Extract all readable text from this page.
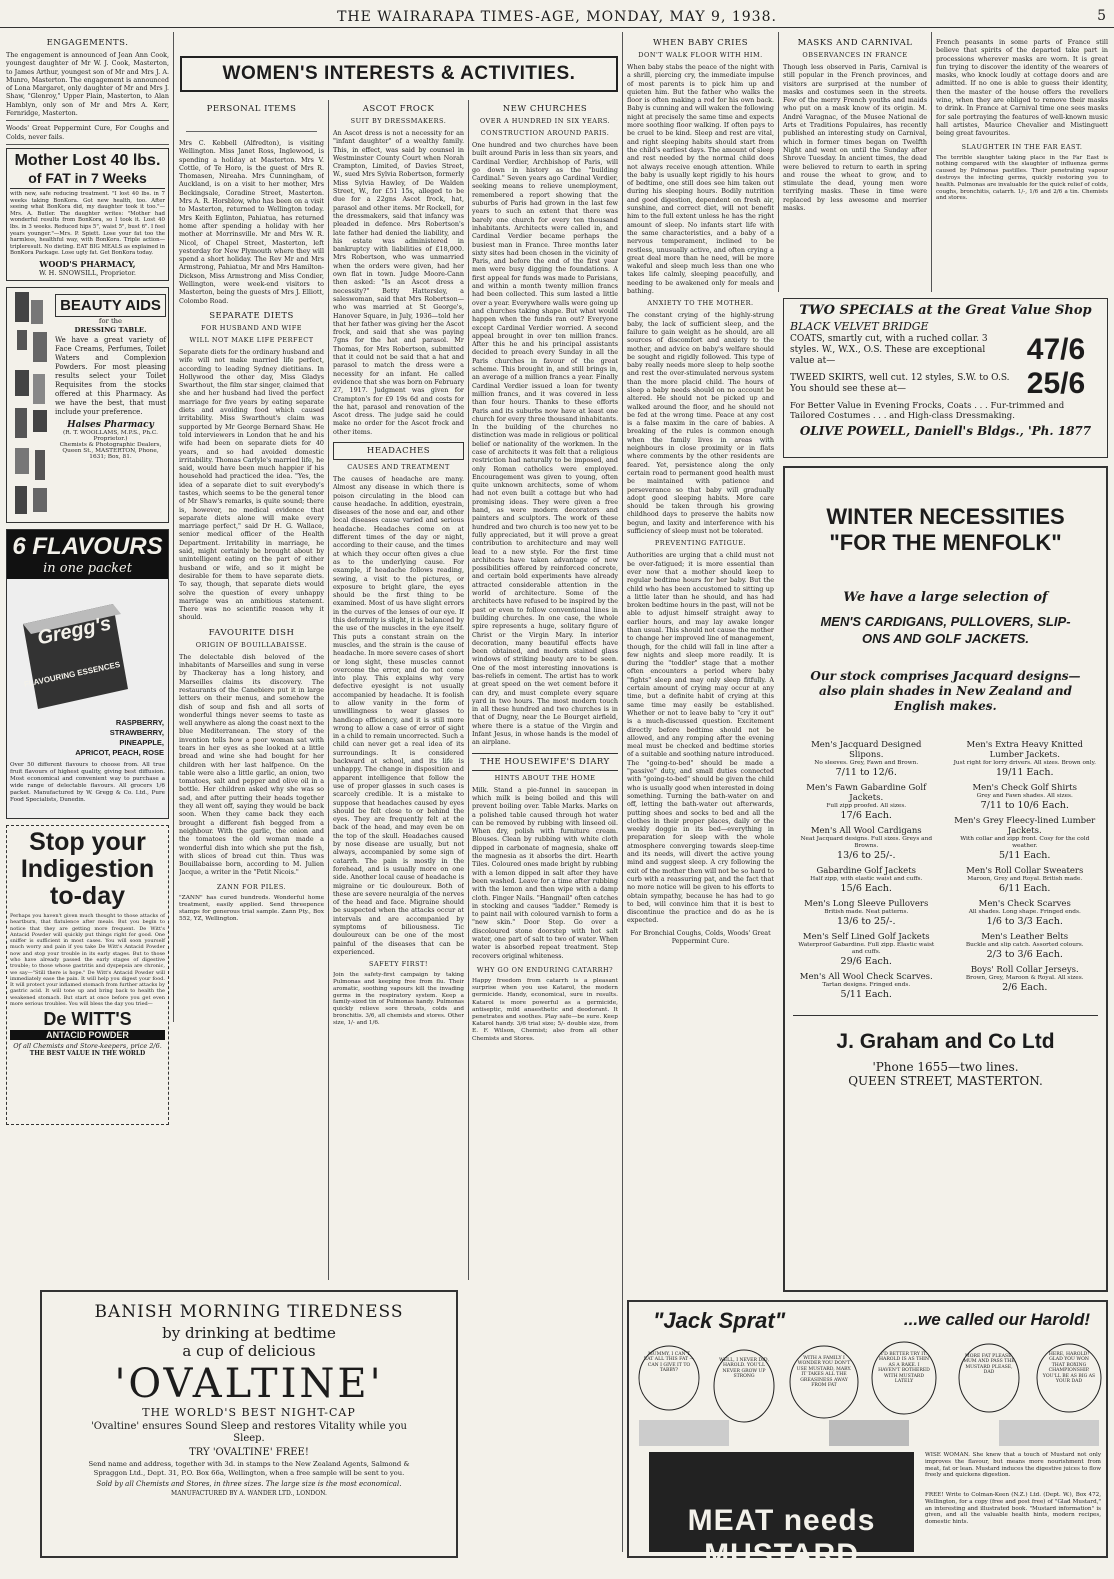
THE WAIRARAPA TIMES-AGE, MONDAY, MAY 9, 1938.	5
ENGAGEMENTS.
The engagement is announced of Jean Ann Cook, youngest daughter of Mr W. J. Cook, Masterton, to James Arthur, youngest son of Mr and Mrs J. A. Munro, Masterton. The engagement is announced of Lona Margaret, only daughter of Mr and Mrs J. Shaw, "Glenroy," Upper Plain, Masterton, to Alan Hamblyn, only son of Mr and Mrs A. Kerr, Fernridge, Masterton.
Woods' Great Peppermint Cure, For Coughs and Colds, never fails.
Mother Lost 40 lbs.
of FAT in 7 Weeks
with new, safe reducing treatment. "I lost 40 lbs. in 7 weeks taking BonKora. Got new health, too. After seeing what BonKora did, my daughter took it too."—Mrs. A. Butler. The daughter writes: "Mother had wonderful results from BonKora, so I took it. Lost 40 lbs. in 3 weeks. Reduced hips 5", waist 5", bust 6". I feel years younger."—Mrs. P. Spiett. Lose your fat too the harmless, healthful way, with BonKora. Triple action—tripleresult. No dieting. EAT BIG MEALS as explained in BonKora Package. Lose ugly fat. Get BonKora today.
WOOD'S PHARMACY,
W. H. SNOWSILL, Proprietor.
BEAUTY AIDS
for the
DRESSING TABLE.
We have a great variety of Face Creams, Perfumes, Toilet Waters and Complexion Powders. For most pleasing results select your Toilet Requisites from the stocks offered at this Pharmacy. As we have the best, that must include your preference.
Halses Pharmacy
(R. T. WOOLLAMS, M.P.S., Ph.C. Proprietor.)
Chemists & Photographic Dealers, Queen St., MASTERTON, Phone, 1631; Box, 81.
6 FLAVOURS
in one packet
Gregg's
FLAVOURING ESSENCES
RASPBERRY,
STRAWBERRY,
PINEAPPLE,
APRICOT, PEACH, ROSE
Over 50 different flavours to choose from. All true fruit flavours of highest quality, giving best diffusion. Most economical and convenient way to purchase a wide range of delectable flavours. All grocers 1/6 packet. Manufactured by W. Gregg & Co. Ltd., Pure Food Specialists, Dunedin.
Stop your
Indigestion
to-day
Perhaps you haven't given much thought to those attacks of heartburn, that flatulence after meals. But you begin to notice that they are getting more frequent. De Witt's Antacid Powder will quickly put things right for good. One sniffer is sufficient in most cases. You will soon yourself much worry and pain if you take De Witt's Antacid Powder now and stop your trouble in its early stages. But to those who have already passed the early stages of digestive trouble; to those whose gastritis and dyspepsia are chronic, we say—"Still there is hope." De Witt's Antacid Powder will immediately ease the pain. It will help you digest your food. It will protect your inflamed stomach from further attacks by gastric acid. It will tone up and bring back to health the weakened stomach. But start at once before you get even more serious troubles. You will bless the day you tried—
De WITT'S
ANTACID POWDER
Of all Chemists and Store-keepers, price 2/6.
THE BEST VALUE IN THE WORLD
WOMEN'S INTERESTS & ACTIVITIES.
PERSONAL ITEMS
Mrs C. Kebbell (Alfredton), is visiting Wellington. Miss Janet Ross, Inglewood, is spending a holiday at Masterton. Mrs V. Cottle, of Te Horo, is the guest of Mrs R. Thomasen, Nireaha. Mrs Cunningham, of Auckland, is on a visit to her mother, Mrs Beckingsale, Coradine Street, Masterton. Mrs A. R. Horsblow, who has been on a visit to Masterton, returned to Wellington today. Mrs Keith Eglinton, Pahiatua, has returned home after spending a holiday with her mother at Morrinsville. Mr and Mrs W. R. Nicol, of Chapel Street, Masterton, left yesterday for New Plymouth where they will spend a short holiday. The Rev Mr and Mrs Armstrong, Pahiatua, Mr and Mrs Hamilton-Dickson, Miss Armstrong and Miss Condier, Wellington, were week-end visitors to Masterton, being the guests of Mrs J. Elliott, Colombo Road.
SEPARATE DIETS
FOR HUSBAND AND WIFE
WILL NOT MAKE LIFE PERFECT
Separate diets for the ordinary husband and wife will not make married life perfect, according to leading Sydney dietitians. In Hollywood the other day, Miss Gladys Swarthout, the film star singer, claimed that she and her husband had lived the perfect marriage for five years by eating separate diets and avoiding food which caused irritability. Miss Swarthout's claim was supported by Mr George Bernard Shaw. He told interviewers in London that he and his wife had been on separate diets for 40 years, and so had avoided domestic irritability. Thomas Carlyle's married life, he said, would have been much happier if his household had practiced the idea. "Yes, the idea of a separate diet to suit everybody's tastes, which seems to be the general tenor of Mr Shaw's remarks, is quite sound; there is, however, no medical evidence that separate diets alone will make every marriage perfect," said Dr H. G. Wallace, senior medical officer of the Health Department. Irritability in marriage, he said, might certainly be brought about by unintelligent eating on the part of either husband or wife, and so it might be desirable for them to have separate diets. To say, though, that separate diets would solve the question of every unhappy marriage was an ambitious statement. There was no scientific reason why it should.
FAVOURITE DISH
ORIGIN OF BOUILLABAISSE.
The delectable dish beloved of the inhabitants of Marseilles and sung in verse by Thackeray has a long history, and Marseilles claims its discovery. The restaurants of the Canebiere put it in large letters on their menus, and somehow the dish of soup and fish and all sorts of wonderful things never seems to taste as well anywhere as along the coast next to the blue Mediterranean. The story of the invention tells how a poor woman sat with tears in her eyes as she looked at a little bread and wine she had bought for her children with her last halfpence. On the table were also a little garlic, an onion, two tomatoes, salt and pepper and olive oil in a bottle. Her children asked why she was so sad, and after putting their heads together they all went off, saying they would be back soon. When they came back they each brought a different fish begged from a neighbour. With the garlic, the onion and the tomatoes the old woman made a wonderful dish into which she put the fish, with slices of bread cut thin. Thus was Bouillabaisse born, according to M. Julien Jacque, a writer in the "Petit Nicois."
ZANN FOR PILES.
"ZANN" has cured hundreds. Wonderful home treatment, easily applied. Send threepence stamps for generous trial sample. Zann Pty., Box 552, YZ, Wellington.
ASCOT FROCK
SUIT BY DRESSMAKERS.
An Ascot dress is not a necessity for an "infant daughter" of a wealthy family. This, in effect, was said by counsel in Westminster County Court when Norah Crampton, Limited, of Davies Street, W., sued Mrs Sylvia Robertson, formerly Miss Sylvia Hawley, of De Walden Street, W., for £51 15s, alleged to be due for a 22gns Ascot frock, hat, parasol and other items. Mr Rockell, for the dressmakers, said that infancy was pleaded in defence. Mrs Robertson's late father had denied the liability, and his estate was administered in bankruptcy with liabilities of £18,000. Mrs Robertson, who was unmarried when the orders were given, had her own flat in town. Judge Moore-Cann then asked: "Is an Ascot dress a necessity?" Betty Hattersley, a saleswoman, said that Mrs Robertson—who was married at St George's, Hanover Square, in July, 1936—told her that her father was giving her the Ascot frock, and said that she was paying 7gns for the hat and parasol. Mr Thomas, for Mrs Robertson, submitted that it could not be said that a hat and parasol to match the dress were a necessity for an infant. He called evidence that she was born on February 27, 1917. Judgment was given for Crampton's for £9 19s 6d and costs for the hat, parasol and renovation of the Ascot dress. The judge said he could make no order for the Ascot frock and other items.
HEADACHES
CAUSES AND TREATMENT
The causes of headache are many. Almost any disease in which there is poison circulating in the blood can cause headache. In addition, eyestrain, diseases of the nose and ear, and other local diseases cause varied and serious headache. Headaches come on at different times of the day or night, according to their cause, and the times at which they occur often gives a clue as to the underlying cause. For example, if headache follows reading, sewing, a visit to the pictures, or exposure to bright glare, the eyes should be the first thing to be examined. Most of us have slight errors in the curves of the lenses of our eye. If this deformity is slight, it is balanced by the use of the muscles in the eye itself. This puts a constant strain on the muscles, and the strain is the cause of headache. In more severe cases of short or long sight, these muscles cannot overcome the error, and do not come into play. This explains why very defective eyesight is not usually accompanied by headache. It is foolish to allow vanity in the form of unwillingness to wear glasses to handicap efficiency, and it is still more wrong to allow a case of error of sight in a child to remain uncorrected. Such a child can never get a real idea of its surroundings. It is considered backward at school, and its life is unhappy. The change in disposition and apparent intelligence that follow the use of proper glasses in such cases is scarcely credible. It is a mistake to suppose that headaches caused by eyes should be felt close to or behind the eyes. They are frequently felt at the back of the head, and may even be on the top of the skull. Headaches caused by nose disease are usually, but not always, accompanied by some sign of catarrh. The pain is mostly in the forehead, and is usually more on one side. Another local cause of headache is migraine or tic douloureux. Both of these are severe neuralgia of the nerves of the head and face. Migraine should be suspected when the attacks occur at intervals and are accompanied by symptoms of biliousness. Tic douloureux can be one of the most painful of the diseases that can be experienced.
SAFETY FIRST!
Join the safety-first campaign by taking Pulmonas and keeping free from flu. Their aromatic, soothing vapours kill the invading germs in the respiratory system. Keep a family-sized tin of Pulmonas handy. Pulmonas quickly relieve sore throats, colds and bronchitis. 3/6, all chemists and stores. Other size, 1/- and 1/6.
NEW CHURCHES
OVER A HUNDRED IN SIX YEARS.
CONSTRUCTION AROUND PARIS.
One hundred and two churches have been built around Paris in less than six years, and Cardinal Verdier, Archbishop of Paris, will go down in history as the "building Cardinal." Seven years ago Cardinal Verdier, seeking means to relieve unemployment, remembered a report showing that the suburbs of Paris had grown in the last few years to such an extent that there was barely one church for every ten thousand inhabitants. Architects were called in, and Cardinal Verdier became perhaps the busiest man in France. Three months later sixty sites had been chosen in the vicinity of Paris, and before the end of the first year men were busy digging the foundations. A first appeal for funds was made to Parisians, and within a month twenty million francs had been collected. This sum lasted a little over a year. Everywhere walls were going up and churches taking shape. But what would happen when the funds ran out? Everyone except Cardinal Verdier worried. A second appeal brought in over ten million francs. After this he and his principal assistants decided to preach every Sunday in all the Paris churches in favour of the great scheme. This brought in, and still brings in, an average of a million francs a year. Finally Cardinal Verdier issued a loan for twenty million francs, and it was covered in less than four hours. Thanks to these efforts Paris and its suburbs now have at least one church for every three thousand inhabitants. In the building of the churches no distinction was made in religious or political belief or nationality of the workmen. In the case of architects it was felt that a religious restriction had naturally to be imposed, and only Roman catholics were employed. Encouragement was given to young, often quite unknown architects, some of whom had not even built a cottage but who had promising ideas. They were given a free hand, as were modern decorators and painters and sculptors. The work of these hundred and two church is too new yet to be fully appreciated, but it will prove a great contribution to architecture and may well lead to a new style. For the first time architects have taken advantage of new possibilities offered by reinforced concrete, and certain bold experiments have already attracted considerable attention in the world of architecture. Some of the architects have refused to be inspired by the past or even to follow conventional lines in building churches. In one case, the whole spire represents a huge, solitary figure of Christ or the Virgin Mary. In interior decoration, many beautiful effects have been obtained, and modern stained glass windows of striking beauty are to be seen. One of the most interesting innovations is bas-reliefs in cement. The artist has to work at great speed on the wet cement before it can dry, and must complete every square yard in two hours. The most modern touch in all these hundred and two churches is in that of Dugny, near the Le Bourget airfield, where there is a statue of the Virgin and Infant Jesus, in whose hands is the model of an airplane.
THE HOUSEWIFE'S DIARY
HINTS ABOUT THE HOME
Milk. Stand a pie-funnel in saucepan in which milk is being boiled and this will prevent boiling over. Table Marks. Marks on a polished table caused through hot water can be removed by rubbing with linseed oil. When dry, polish with furniture cream. Blouses. Clean by rubbing with white cloth dipped in carbonate of magnesia, shake off the magnesia as it absorbs the dirt. Hearth Tiles. Coloured ones made bright by rubbing with a lemon dipped in salt after they have been washed. Leave for a time after rubbing with the lemon and then wipe with a damp cloth. Finger Nails. "Hangnail" often catches in stocking and causes "ladder." Remedy is to paint nail with coloured varnish to form a "new skin." Door Step. Go over a discoloured stone doorstep with hot salt water, one part of salt to two of water. When water is absorbed repeat treatment. Step recovers original whiteness.
WHY GO ON ENDURING CATARRH?
Happy freedom from catarrh is a pleasant surprise when you use Katarol, the modern germicide. Handy, economical, sure in results. Katarol is more powerful as a germicide, antiseptic, mild anaesthetic and deodorant. It penetrates and soothes. Play safe—be sure. Keep Katarol handy. 3/6 trial size; 5/- double size, from E. F. Wilson, Chemist; also from all other Chemists and Stores.
WHEN BABY CRIES
DON'T WALK FLOOR WITH HIM.
When baby stabs the peace of the night with a shrill, piercing cry, the immediate impulse of most parents is to pick him up and quieten him. But the father who walks the floor is often making a rod for his own back. Baby is cunning and will waken the following night at precisely the same time and expects more soothing floor walking. If often pays to be cruel to be kind. Sleep and rest are vital, and right sleeping habits should start from the child's earliest days. The amount of sleep and rest needed by the normal child does not always receive enough attention. While the baby is usually kept rigidly to his hours of bedtime, one still does see him taken out during his sleeping hours. Bodily nutrition and good digestion, dependent on fresh air, sunshine, and correct diet, will not benefit him to the full extent unless he has the right amount of sleep. No infants start life with the same characteristics, and a baby of a nervous temperament, inclined to be restless, unusually active, and often crying a great deal more than he need, will be more wakeful and sleep much less than one who takes life calmly, sleeping peacefully, and needing to be awakened only for meals and bathing.
ANXIETY TO THE MOTHER.
The constant crying of the highly-strung baby, the lack of sufficient sleep, and the failure to gain weight as he should, are all sources of discomfort and anxiety to the mother, and advice on baby's welfare should be sought and rigidly followed. This type of baby really needs more sleep to help soothe and rest the over-stimulated nervous system than the more placid child. The hours of sleep a baby needs should on no account be altered. He should not be picked up and walked around the floor, and he should not be fed at the wrong time. Peace at any cost is a false maxim in the care of babies. A breaking of the rules is common enough when the family lives in areas with neighbours in close proximity or in flats where comments by the other residents are feared. Yet, persistence along the only certain road to permanent good health must be maintained with patience and perseverance so that baby will gradually adopt good sleeping habits. More care should be taken through his growing childhood days to preserve the habits now begun, and laxity and interference with his sufficiency of sleep must not be tolerated.
PREVENTING FATIGUE.
Authorities are urging that a child must not be over-fatigued; it is more essential than ever now that a mother should keep to regular bedtime hours for her baby. But the child who has been accustomed to sitting up a little later than he should, and has had broken bedtime hours in the past, will not be able to adjust himself straight away to earlier hours, and may lay awake longer than usual. This should not cause the mother to change her improved line of management, though, for the child will fall in line after a few nights and sleep more readily. It is during the "toddler" stage that a mother often encounters a period where baby "fights" sleep and may only sleep fitfully. A certain amount of crying may occur at any time, but a definite habit of crying at this same time may easily be established. Whether or not to leave baby to "cry it out" is a much-discussed question. Excitement directly before bedtime should not be allowed, and any romping after the evening meal must be checked and bedtime stories of a suitable and soothing nature introduced. The "going-to-bed" should be made a "passive" duty, and small duties connected with "going-to-bed" should be given the child who is usually good when interested in doing something. Turning the bath-water on and off, letting the bath-water out afterwards, putting shoes and socks to bed and all the clothes in their proper places, daily or the weekly doggie in its bed—everything in preparation for sleep with the whole atmosphere converging towards sleep-time and its needs, will divert the active young mind and suggest sleep. A cry following the exit of the mother then will not be so hard to curb with a reassuring pat, and the fact that no more notice will be given to his efforts to obtain sympathy, because he has had to go to bed, will convince him that it is best to discontinue the practice and do as he is expected.
For Bronchial Coughs, Colds, Woods' Great Peppermint Cure.
MASKS AND CARNIVAL
OBSERVANCES IN FRANCE
Though less observed in Paris, Carnival is still popular in the French provinces, and visitors are surprised at the number of masks and costumes seen in the streets. Few of the merry French youths and maids who put on a mask know of its origin. M. André Varagnac, of the Musee National de Arts et Traditions Populaires, has recently published an interesting study on Carnival, which in former times began on Twelfth Night and went on until the Sunday after Shrove Tuesday. In ancient times, the dead were believed to return to earth in spring and rouse the wheat to grow, and to stimulate the dead, young men wore terrifying masks. These in time were replaced by less awesome and merrier masks.
French peasants in some parts of France still believe that spirits of the departed take part in processions wherever masks are worn. It is great fun trying to discover the identity of the wearers of masks, who knock loudly at cottage doors and are admitted. If no one is able to guess their identity, then the master of the house offers the revellers wine, when they are obliged to remove their masks to drink. In France at Carnival time one sees masks for sale portraying the features of well-known music hall artistes, Maurice Chevalier and Mistinguett being great favourites.
SLAUGHTER IN THE FAR EAST.
The terrible slaughter taking place in the Far East is nothing compared with the slaughter of influenza germs caused by Pulmonas pastilles. Their penetrating vapour destroys the infecting germs, quickly restoring you to health. Pulmonas are invaluable for the quick relief of colds, coughs, bronchitis, catarrh. 1/-, 1/6 and 2/6 a tin. Chemists and stores.
TWO SPECIALS at the Great Value Shop
BLACK VELVET BRIDGE
COATS, smartly cut, with a ruched collar. 3 styles. W., W.X., O.S. These are exceptional value at—	47/6
TWEED SKIRTS, well cut. 12 styles, S.W. to O.S. You should see these at—	25/6
For Better Value in Evening Frocks, Coats . . . Fur-trimmed and Tailored Costumes . . . and High-class Dressmaking.
OLIVE POWELL, Daniell's Bldgs., 'Ph. 1877
WINTER NECESSITIES
"FOR THE MENFOLK"
We have a large selection of
MEN'S CARDIGANS, PULLOVERS, SLIP-ONS AND GOLF JACKETS.
Our stock comprises Jacquard designs—also plain shades in New Zealand and English makes.
Men's Jacquard Designed Slipons.
No sleeves. Grey, Fawn and Brown.
7/11 to 12/6.
Men's Fawn Gabardine Golf Jackets.
Full zipp proofed. All sizes.
17/6 Each.
Men's All Wool Cardigans
Neat Jacquard designs. Full sizes. Greys and Browns.
13/6 to 25/-.
Gabardine Golf Jackets
Half zipp, with elastic waist and cuffs.
15/6 Each.
Men's Long Sleeve Pullovers
British made. Neat patterns.
13/6 to 25/-.
Men's Self Lined Golf Jackets
Waterproof Gabardine. Full zipp. Elastic waist and cuffs.
29/6 Each.
Men's All Wool Check Scarves.
Tartan designs. Fringed ends.
5/11 Each.
Men's Extra Heavy Knitted Lumber Jackets.
Just right for lorry drivers. All sizes. Brown only.
19/11 Each.
Men's Check Golf Shirts
Grey and Fawn shades. All sizes.
7/11 to 10/6 Each.
Men's Grey Fleecy-lined Lumber Jackets.
With collar and zipp front. Cosy for the cold weather.
5/11 Each.
Men's Roll Collar Sweaters
Maroon, Grey and Royal. British made.
6/11 Each.
Men's Check Scarves
All shades. Long shape. Fringed ends.
1/6 to 3/3 Each.
Men's Leather Belts
Buckle and slip catch. Assorted colours.
2/3 to 3/6 Each.
Boys' Roll Collar Jerseys.
Brown, Grey, Maroon & Royal. All sizes.
2/6 Each.
J. Graham and Co Ltd
'Phone 1655—two lines.
QUEEN STREET, MASTERTON.
BANISH MORNING TIREDNESS
by drinking at bedtime
a cup of delicious
'OVALTINE'
THE WORLD'S BEST NIGHT-CAP
'Ovaltine' ensures Sound Sleep and restores Vitality while you Sleep.
TRY 'OVALTINE' FREE!
Send name and address, together with 3d. in stamps to the New Zealand Agents, Salmond & Spraggon Ltd., Dept. 31, P.O. Box 66a, Wellington, when a free sample will be sent to you.
Sold by all Chemists and Stores, in three sizes. The large size is the most economical.
MANUFACTURED BY A. WANDER LTD., LONDON.
"Jack Sprat"	...we called our Harold!
MUMMY, I CAN'T EAT ALL THIS FAT — CAN I GIVE IT TO TABBY?
WELL, I NEVER DID, HAROLD. YOU'LL NEVER GROW UP STRONG
WITH A FAMILY I WONDER YOU DON'T USE MUSTARD, MARY. IT TAKES ALL THE GREASINESS AWAY FROM FAT
I'D BETTER TRY IT. HAROLD IS AS THIN AS A RAKE. I HAVEN'T BOTHERED WITH MUSTARD LATELY
MORE FAT PLEASE, MUM AND PASS THE MUSTARD PLEASE, DAD
HERE, HAROLD! GLAD YOU WON THAT BOXING CHAMPIONSHIP. YOU'LL BE AS BIG AS YOUR DAD
MEAT needs MUSTARD
WISE WOMAN. She knew that a touch of Mustard not only improves the flavour, but means more nourishment from meat, fat or lean. Mustard induces the digestive juices to flow freely and quickens digestion.
FREE! Write to Colman-Keen (N.Z.) Ltd. (Dept. W.), Box 472, Wellington, for a copy (free and post free) of "Glad Mustard," an interesting and illustrated book. "Mustard information" is given, and all the valuable health hints, modern recipes, domestic hints.
